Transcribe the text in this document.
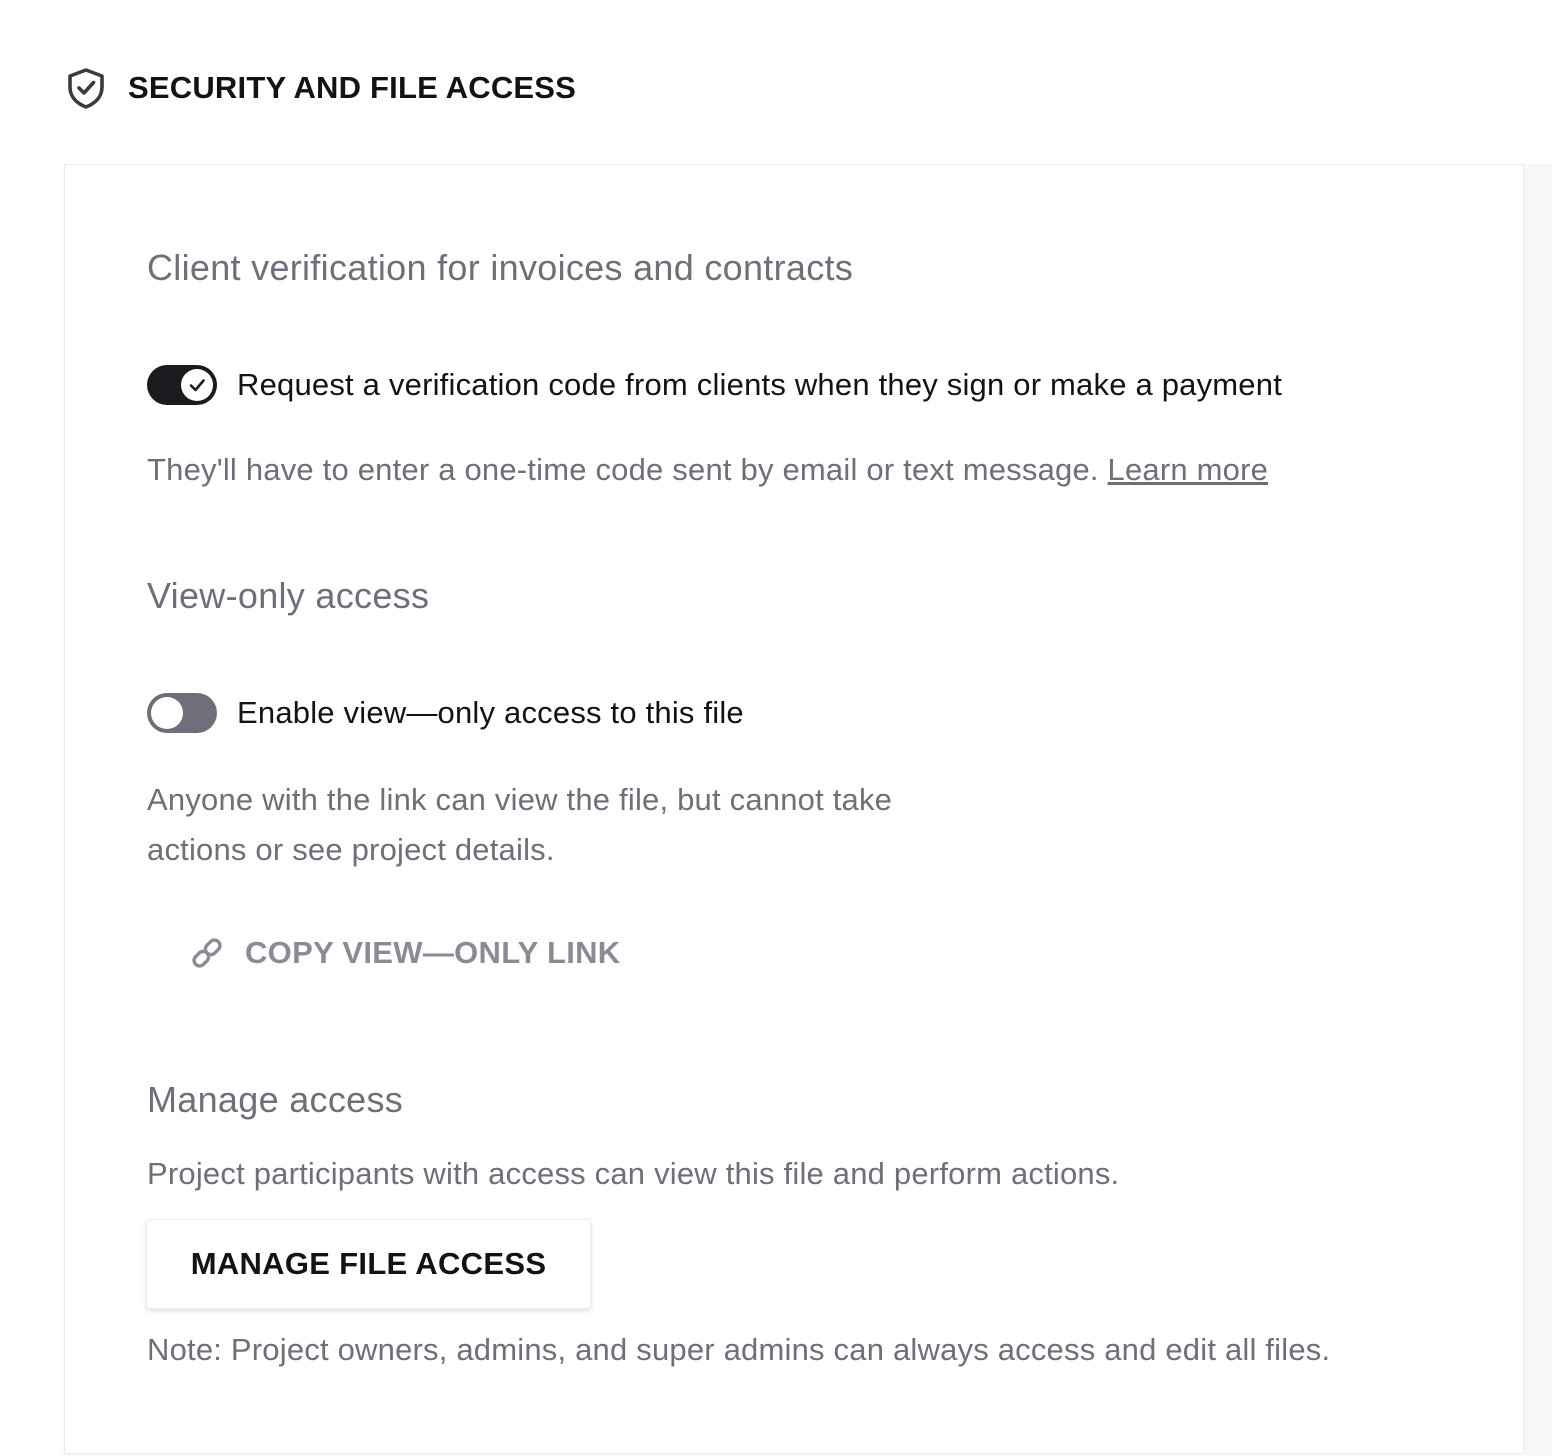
SECURITY AND FILE ACCESS
Client verification for invoices and contracts
Request a verification code from clients when they sign or make a payment
They'll have to enter a one-time code sent by email or text message. Learn more
View-only access
Enable view—only access to this file
Anyone with the link can view the file, but cannot take
actions or see project details.
COPY VIEW—ONLY LINK
Manage access
Project participants with access can view this file and perform actions.
MANAGE FILE ACCESS
Note: Project owners, admins, and super admins can always access and edit all files.
